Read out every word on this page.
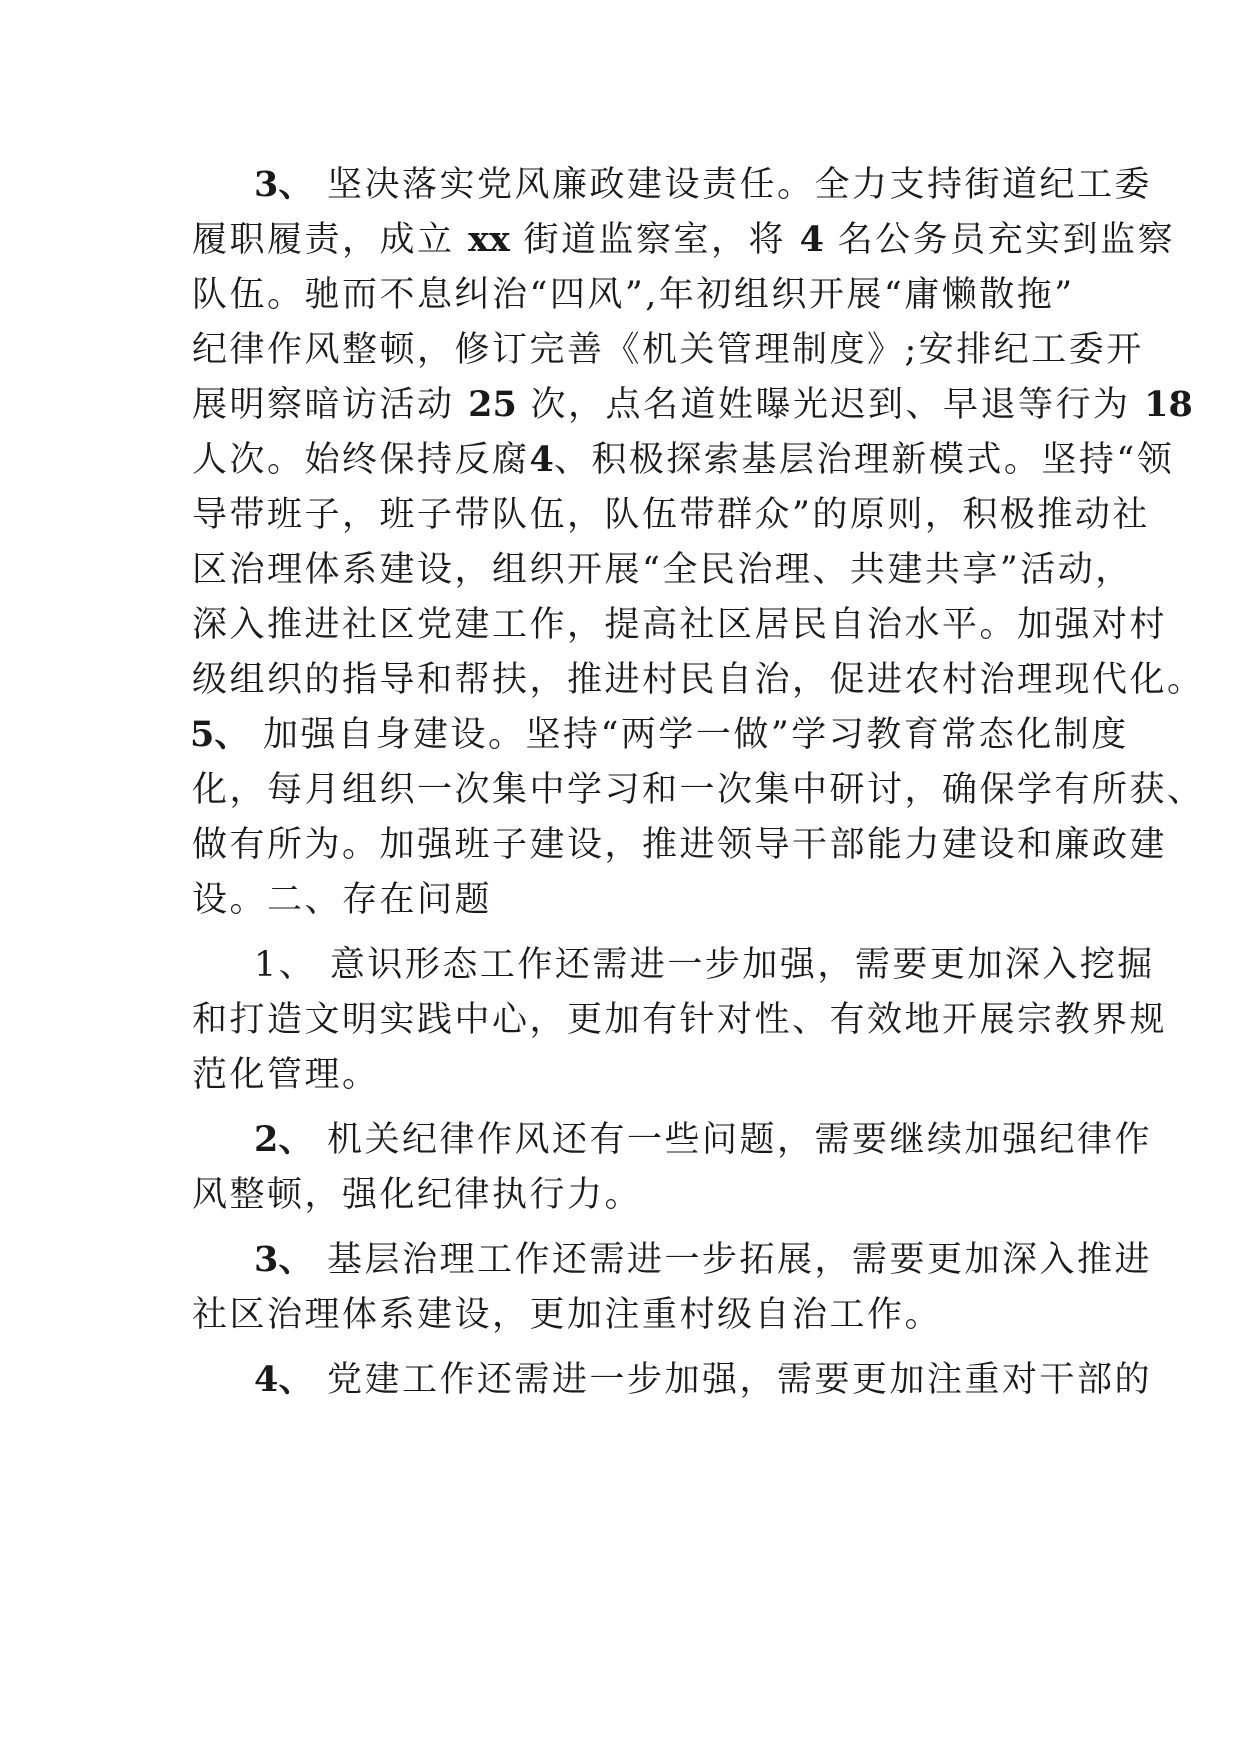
3、 坚决落实党风廉政建设责任。全力支持街道纪工委

履职履责，成立 xx 街道监察室，将 4 名公务员充实到监察

队伍。驰而不息纠治“四风”,年初组织开展“庸懒散拖”

纪律作风整顿，修订完善《机关管理制度》;安排纪工委开

展明察暗访活动 25 次，点名道姓曝光迟到、早退等行为 18

人次。始终保持反腐4、积极探索基层治理新模式。坚持“领

导带班子，班子带队伍，队伍带群众”的原则，积极推动社

区治理体系建设，组织开展“全民治理、共建共享”活动，

深入推进社区党建工作，提高社区居民自治水平。加强对村

级组织的指导和帮扶，推进村民自治，促进农村治理现代化。

5、 加强自身建设。坚持“两学一做”学习教育常态化制度

化，每月组织一次集中学习和一次集中研讨，确保学有所获、

做有所为。加强班子建设，推进领导干部能力建设和廉政建

设。二、存在问题

1、 意识形态工作还需进一步加强，需要更加深入挖掘

和打造文明实践中心，更加有针对性、有效地开展宗教界规

范化管理。

2、 机关纪律作风还有一些问题，需要继续加强纪律作

风整顿，强化纪律执行力。

3、 基层治理工作还需进一步拓展，需要更加深入推进

社区治理体系建设，更加注重村级自治工作。

4、 党建工作还需进一步加强，需要更加注重对干部的
